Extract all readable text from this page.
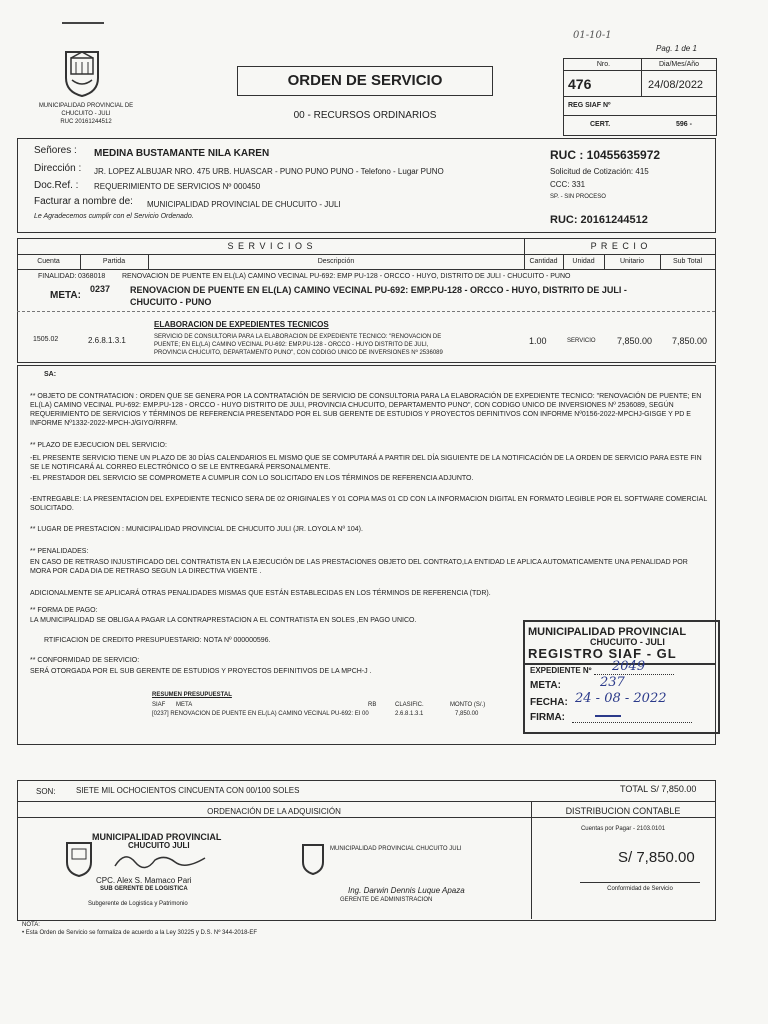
01-10-1
Pag. 1 de 1
MUNICIPALIDAD PROVINCIAL DE
CHUCUITO - JULI
RUC 20161244512
ORDEN DE SERVICIO
00 - RECURSOS ORDINARIOS
Nro.	Dia/Mes/Año
476	24/08/2022
REG SIAF Nº
CERT.	596 -
Señores : MEDINA BUSTAMANTE NILA KAREN
Dirección : JR. LOPEZ ALBUJAR NRO. 475 URB. HUASCAR - PUNO PUNO PUNO - Telefono - Lugar PUNO
Doc.Ref. : REQUERIMIENTO DE SERVICIOS Nº 000450
Facturar a nombre de: MUNICIPALIDAD PROVINCIAL DE CHUCUITO - JULI
Le Agradecemos cumplir con el Servicio Ordenado.
RUC : 10455635972
Solicitud de Cotización: 415
CCC: 331
SP. - SIN PROCESO
RUC: 20161244512
S E R V I C I O S	P R E C I O
Cuenta	Partida	Descripción	Cantidad	Unidad	Unitario	Sub Total
FINALIDAD: 0368018 RENOVACION DE PUENTE EN EL(LA) CAMINO VECINAL PU-692: EMP PU-128 - ORCCO - HUYO, DISTRITO DE JULI - CHUCUITO - PUNO
META:
0237 RENOVACION DE PUENTE EN EL(LA) CAMINO VECINAL PU-692: EMP.PU-128 - ORCCO - HUYO, DISTRITO DE JULI -
CHUCUITO - PUNO
1505.02	2.6.8.1.3.1
ELABORACION DE EXPEDIENTES TECNICOS
SERVICIO DE CONSULTORIA PARA LA ELABORACION DE EXPEDIENTE TECNICO: "RENOVACION DE
PUENTE; EN EL(LA) CAMINO VECINAL PU-692: EMP.PU-128 - ORCCO - HUYO DISTRITO DE JULI,
PROVINCIA CHUCUITO, DEPARTAMENTO PUNO", CON CODIGO UNICO DE INVERSIONES Nº 2536089
1.00	SERVICIO 7,850.00 7,850.00
SA:
** OBJETO DE CONTRATACION : ORDEN QUE SE GENERA POR LA CONTRATACIÓN DE SERVICIO DE CONSULTORIA PARA LA ELABORACIÓN DE EXPEDIENTE TECNICO: "RENOVACIÓN DE PUENTE; EN EL(LA) CAMINO VECINAL PU-692: EMP.PU-128 - ORCCO - HUYO DISTRITO DE JULI, PROVINCIA CHUCUITO, DEPARTAMENTO PUNO", CON CODIGO UNICO DE INVERSIONES Nº 2536089, SEGÚN REQUERIMIENTO DE SERVICIOS Y TÉRMINOS DE REFERENCIA PRESENTADO POR EL SUB GERENTE DE ESTUDIOS Y PROYECTOS DEFINITIVOS CON INFORME Nº0156-2022-MPCHJ-GISGE Y PD E INFORME Nº1332-2022-MPCH-J/GIYO/RRFM.
** PLAZO DE EJECUCION DEL SERVICIO:
-EL PRESENTE SERVICIO TIENE UN PLAZO DE 30 DÍAS CALENDARIOS EL MISMO QUE SE COMPUTARÁ A PARTIR DEL DÍA SIGUIENTE DE LA NOTIFICACIÓN DE LA ORDEN DE SERVICIO PARA ESTE FIN SE LE NOTIFICARÁ AL CORREO ELECTRÓNICO O SE LE ENTREGARÁ PERSONALMENTE.
-EL PRESTADOR DEL SERVICIO SE COMPROMETE A CUMPLIR CON LO SOLICITADO EN LOS TÉRMINOS DE REFERENCIA ADJUNTO.
-ENTREGABLE: LA PRESENTACION DEL EXPEDIENTE TECNICO SERA DE 02 ORIGINALES Y 01 COPIA MAS 01 CD CON LA INFORMACION DIGITAL EN FORMATO LEGIBLE POR EL SOFTWARE COMERCIAL SOLICITADO.
** LUGAR DE PRESTACION : MUNICIPALIDAD PROVINCIAL DE CHUCUITO JULI (JR. LOYOLA Nº 104).
** PENALIDADES:
EN CASO DE RETRASO INJUSTIFICADO DEL CONTRATISTA EN LA EJECUCIÓN DE LAS PRESTACIONES OBJETO DEL CONTRATO,LA ENTIDAD LE APLICA AUTOMATICAMENTE UNA PENALIDAD POR MORA POR CADA DIA DE RETRASO SEGUN LA DIRECTIVA VIGENTE .
ADICIONALMENTE SE APLICARÁ OTRAS PENALIDADES MISMAS QUE ESTÁN ESTABLECIDAS EN LOS TÉRMINOS DE REFERENCIA (TDR).
** FORMA DE PAGO:
LA MUNICIPALIDAD SE OBLIGA A PAGAR LA CONTRAPRESTACION A EL CONTRATISTA EN SOLES ,EN PAGO UNICO.
RTIFICACION DE CREDITO PRESUPUESTARIO: NOTA Nº 000000596.
** CONFORMIDAD DE SERVICIO:
SERÁ OTORGADA POR EL SUB GERENTE DE ESTUDIOS Y PROYECTOS DEFINITIVOS DE LA MPCH-J .
RESUMEN PRESUPUESTAL
SIAF META	RB	CLASIFIC.	MONTO (S/.)
[0237] RENOVACION DE PUENTE EN EL(LA) CAMINO VECINAL PU-692: EI 00	2.6.8.1.3.1	7,850.00
MUNICIPALIDAD PROVINCIAL
CHUCUITO - JULI
REGISTRO SIAF - GL
EXPEDIENTE Nº 2049
META:	237
FECHA: 24 - 08 - 2022
FIRMA:
SON:	SIETE MIL OCHOCIENTOS CINCUENTA CON 00/100 SOLES	TOTAL S/ 7,850.00
ORDENACIÓN DE LA ADQUISICIÓN	DISTRIBUCION CONTABLE
Cuentas por Pagar - 2103.0101
S/ 7,850.00
Conformidad de Servicio
MUNICIPALIDAD PROVINCIAL
CHUCUITO JULI
CPC. Alex S. Mamaco Pari
SUB GERENTE DE LOGISTICA
Subgerente de Logistica y Patrimonio
MUNICIPALIDAD PROVINCIAL CHUCUITO JULI
Ing. Darwin Dennis Luque Apaza
GERENTE DE ADMINISTRACION
NOTA:
• Esta Orden de Servicio se formaliza de acuerdo a la Ley 30225 y D.S. Nº 344-2018-EF
